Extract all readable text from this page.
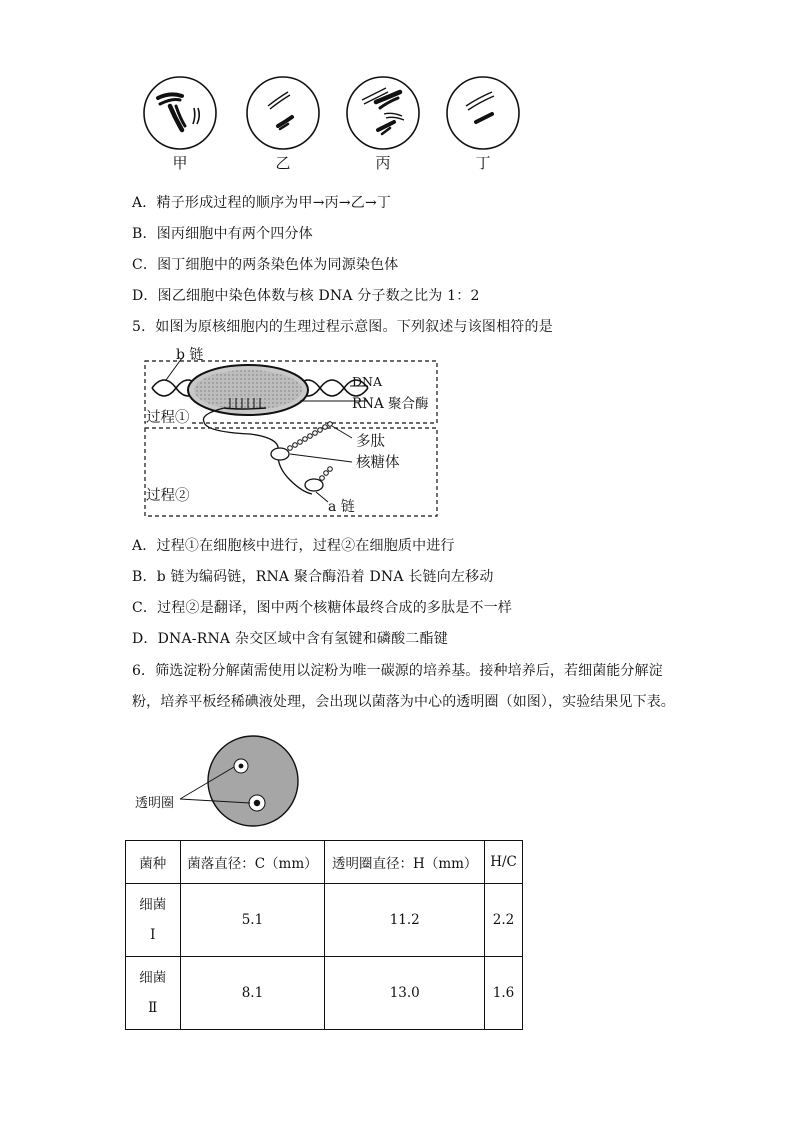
甲	乙	丙	丁
A．精子形成过程的顺序为甲→丙→乙→丁
B．图丙细胞中有两个四分体
C．图丁细胞中的两条染色体为同源染色体
D．图乙细胞中染色体数与核 DNA 分子数之比为 1：2
5．如图为原核细胞内的生理过程示意图。下列叙述与该图相符的是
b 链
DNA
RNA 聚合酶
过程①
多肽
核糖体
过程②
a 链
A．过程①在细胞核中进行，过程②在细胞质中进行
B．b 链为编码链，RNA 聚合酶沿着 DNA 长链向左移动
C．过程②是翻译，图中两个核糖体最终合成的多肽是不一样
D．DNA-RNA 杂交区域中含有氢键和磷酸二酯键
6．筛选淀粉分解菌需使用以淀粉为唯一碳源的培养基。接种培养后，若细菌能分解淀
粉，培养平板经稀碘液处理，会出现以菌落为中心的透明圈（如图），实验结果见下表。
透明圈
菌种	菌落直径：C（mm）	透明圈直径：H（mm）	H/C

细菌
Ⅰ	5.1	11.2	2.2

细菌
Ⅱ	8.1	13.0	1.6
